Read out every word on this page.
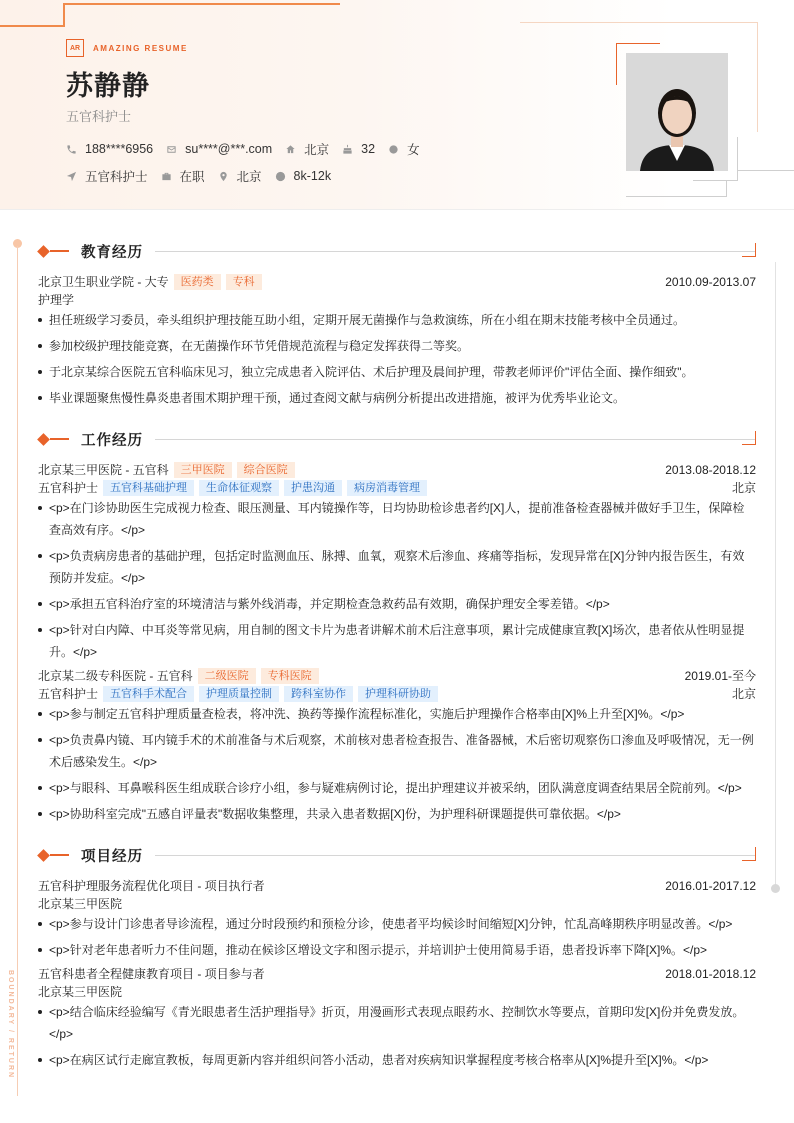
AR	AMAZING RESUME
苏静静
五官科护士
188****6956	su****@***.com	北京	32	女
五官科护士	在职	北京	8k-12k
BOUNDARY / RETURN
教育经历
北京卫生职业学院 - 大专	医药类	专科	2010.09-2013.07
护理学
担任班级学习委员，牵头组织护理技能互助小组，定期开展无菌操作与急救演练，所在小组在期末技能考核中全员通过。
参加校级护理技能竞赛，在无菌操作环节凭借规范流程与稳定发挥获得二等奖。
于北京某综合医院五官科临床见习，独立完成患者入院评估、术后护理及晨间护理，带教老师评价"评估全面、操作细致"。
毕业课题聚焦慢性鼻炎患者围术期护理干预，通过查阅文献与病例分析提出改进措施，被评为优秀毕业论文。
工作经历
北京某三甲医院 - 五官科	三甲医院	综合医院	2013.08-2018.12
五官科护士	五官科基础护理	生命体征观察	护患沟通	病房消毒管理	北京
<p>在门诊协助医生完成视力检查、眼压测量、耳内镜操作等，日均协助检诊患者约[X]人，提前准备检查器械并做好手卫生，保障检查高效有序。</p>
<p>负责病房患者的基础护理，包括定时监测血压、脉搏、血氧，观察术后渗血、疼痛等指标，发现异常在[X]分钟内报告医生，有效预防并发症。</p>
<p>承担五官科治疗室的环境清洁与紫外线消毒，并定期检查急救药品有效期，确保护理安全零差错。</p>
<p>针对白内障、中耳炎等常见病，用自制的图文卡片为患者讲解术前术后注意事项，累计完成健康宣教[X]场次，患者依从性明显提升。</p>
北京某二级专科医院 - 五官科	二级医院	专科医院	2019.01-至今
五官科护士	五官科手术配合	护理质量控制	跨科室协作	护理科研协助	北京
<p>参与制定五官科护理质量查检表，将冲洗、换药等操作流程标准化，实施后护理操作合格率由[X]%上升至[X]%。</p>
<p>负责鼻内镜、耳内镜手术的术前准备与术后观察，术前核对患者检查报告、准备器械，术后密切观察伤口渗血及呼吸情况，无一例术后感染发生。</p>
<p>与眼科、耳鼻喉科医生组成联合诊疗小组，参与疑难病例讨论，提出护理建议并被采纳，团队满意度调查结果居全院前列。</p>
<p>协助科室完成"五感自评量表"数据收集整理，共录入患者数据[X]份，为护理科研课题提供可靠依据。</p>
项目经历
五官科护理服务流程优化项目 - 项目执行者	2016.01-2017.12
北京某三甲医院
<p>参与设计门诊患者导诊流程，通过分时段预约和预检分诊，使患者平均候诊时间缩短[X]分钟，忙乱高峰期秩序明显改善。</p>
<p>针对老年患者听力不佳问题，推动在候诊区增设文字和图示提示，并培训护士使用简易手语，患者投诉率下降[X]%。</p>
五官科患者全程健康教育项目 - 项目参与者	2018.01-2018.12
北京某三甲医院
<p>结合临床经验编写《青光眼患者生活护理指导》折页，用漫画形式表现点眼药水、控制饮水等要点，首期印发[X]份并免费发放。</p>
<p>在病区试行走廊宣教板，每周更新内容并组织问答小活动，患者对疾病知识掌握程度考核合格率从[X]%提升至[X]%。</p>
